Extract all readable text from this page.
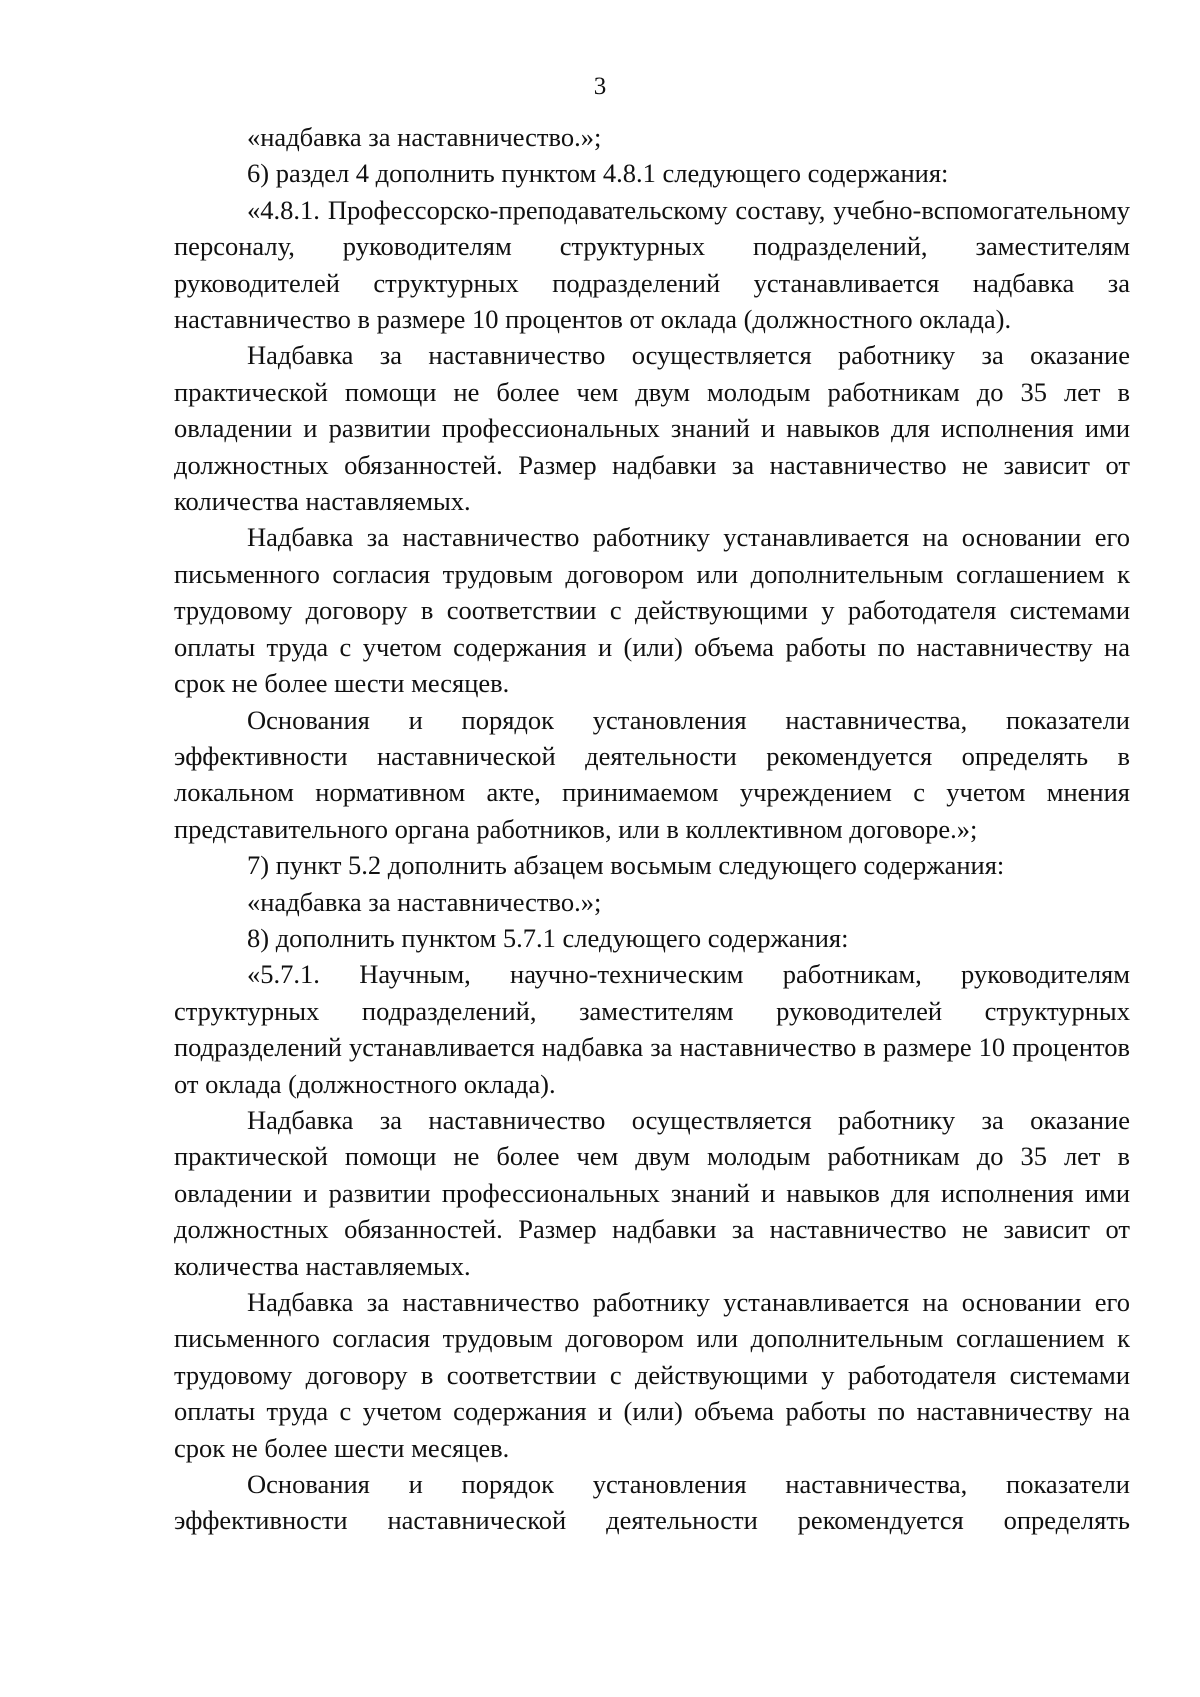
3

«надбавка за наставничество.»;

6) раздел 4 дополнить пунктом 4.8.1 следующего содержания:

«4.8.1. Профессорско-преподавательскому составу, учебно-вспомогательному персоналу, руководителям структурных подразделений, заместителям руководителей структурных подразделений устанавливается надбавка за наставничество в размере 10 процентов от оклада (должностного оклада).

Надбавка за наставничество осуществляется работнику за оказание практической помощи не более чем двум молодым работникам до 35 лет в овладении и развитии профессиональных знаний и навыков для исполнения ими должностных обязанностей. Размер надбавки за наставничество не зависит от количества наставляемых.

Надбавка за наставничество работнику устанавливается на основании его письменного согласия трудовым договором или дополнительным соглашением к трудовому договору в соответствии с действующими у работодателя системами оплаты труда с учетом содержания и (или) объема работы по наставничеству на срок не более шести месяцев.

Основания и порядок установления наставничества, показатели эффективности наставнической деятельности рекомендуется определять в локальном нормативном акте, принимаемом учреждением с учетом мнения представительного органа работников, или в коллективном договоре.»;

7) пункт 5.2 дополнить абзацем восьмым следующего содержания:

«надбавка за наставничество.»;

8) дополнить пунктом 5.7.1 следующего содержания:

«5.7.1. Научным, научно-техническим работникам, руководителям структурных подразделений, заместителям руководителей структурных подразделений устанавливается надбавка за наставничество в размере 10 процентов от оклада (должностного оклада).

Надбавка за наставничество осуществляется работнику за оказание практической помощи не более чем двум молодым работникам до 35 лет в овладении и развитии профессиональных знаний и навыков для исполнения ими должностных обязанностей. Размер надбавки за наставничество не зависит от количества наставляемых.

Надбавка за наставничество работнику устанавливается на основании его письменного согласия трудовым договором или дополнительным соглашением к трудовому договору в соответствии с действующими у работодателя системами оплаты труда с учетом содержания и (или) объема работы по наставничеству на срок не более шести месяцев.

Основания и порядок установления наставничества, показатели эффективности наставнической деятельности рекомендуется определять
